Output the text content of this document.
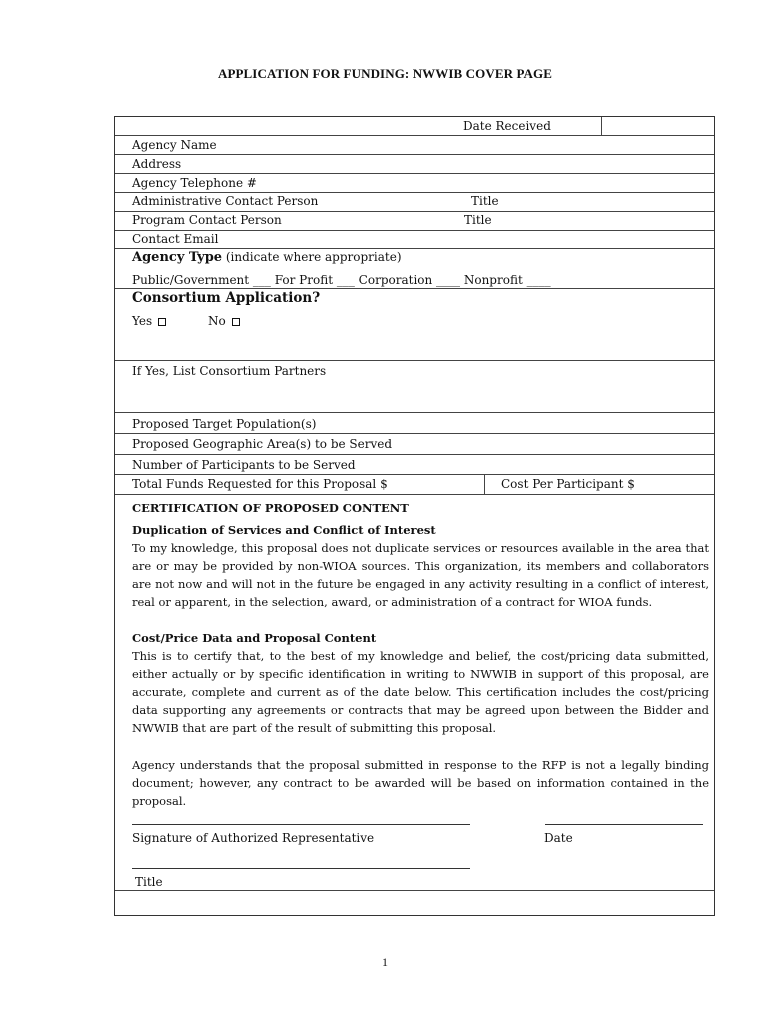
APPLICATION FOR FUNDING: NWWIB COVER PAGE
Date Received
Agency Name
Address
Agency Telephone #
Administrative Contact Person	Title
Program Contact Person	Title
Contact Email
Agency Type (indicate where appropriate)
Public/Government ___ For Profit ___ Corporation ____ Nonprofit ____
Consortium Application?
Yes	No
If Yes, List Consortium Partners
Proposed Target Population(s)
Proposed Geographic Area(s) to be Served
Number of Participants to be Served
Total Funds Requested for this Proposal $	Cost Per Participant $
CERTIFICATION OF PROPOSED CONTENT
Duplication of Services and Conflict of Interest
To my knowledge, this proposal does not duplicate services or resources available in the area that are or may be provided by non-WIOA sources. This organization, its members and collaborators are not now and will not in the future be engaged in any activity resulting in a conflict of interest, real or apparent, in the selection, award, or administration of a contract for WIOA funds.
Cost/Price Data and Proposal Content
This is to certify that, to the best of my knowledge and belief, the cost/pricing data submitted, either actually or by specific identification in writing to NWWIB in support of this proposal, are accurate, complete and current as of the date below. This certification includes the cost/pricing data supporting any agreements or contracts that may be agreed upon between the Bidder and NWWIB that are part of the result of submitting this proposal.
Agency understands that the proposal submitted in response to the RFP is not a legally binding document; however, any contract to be awarded will be based on information contained in the proposal.
Signature of Authorized Representative	Date
Title
1
